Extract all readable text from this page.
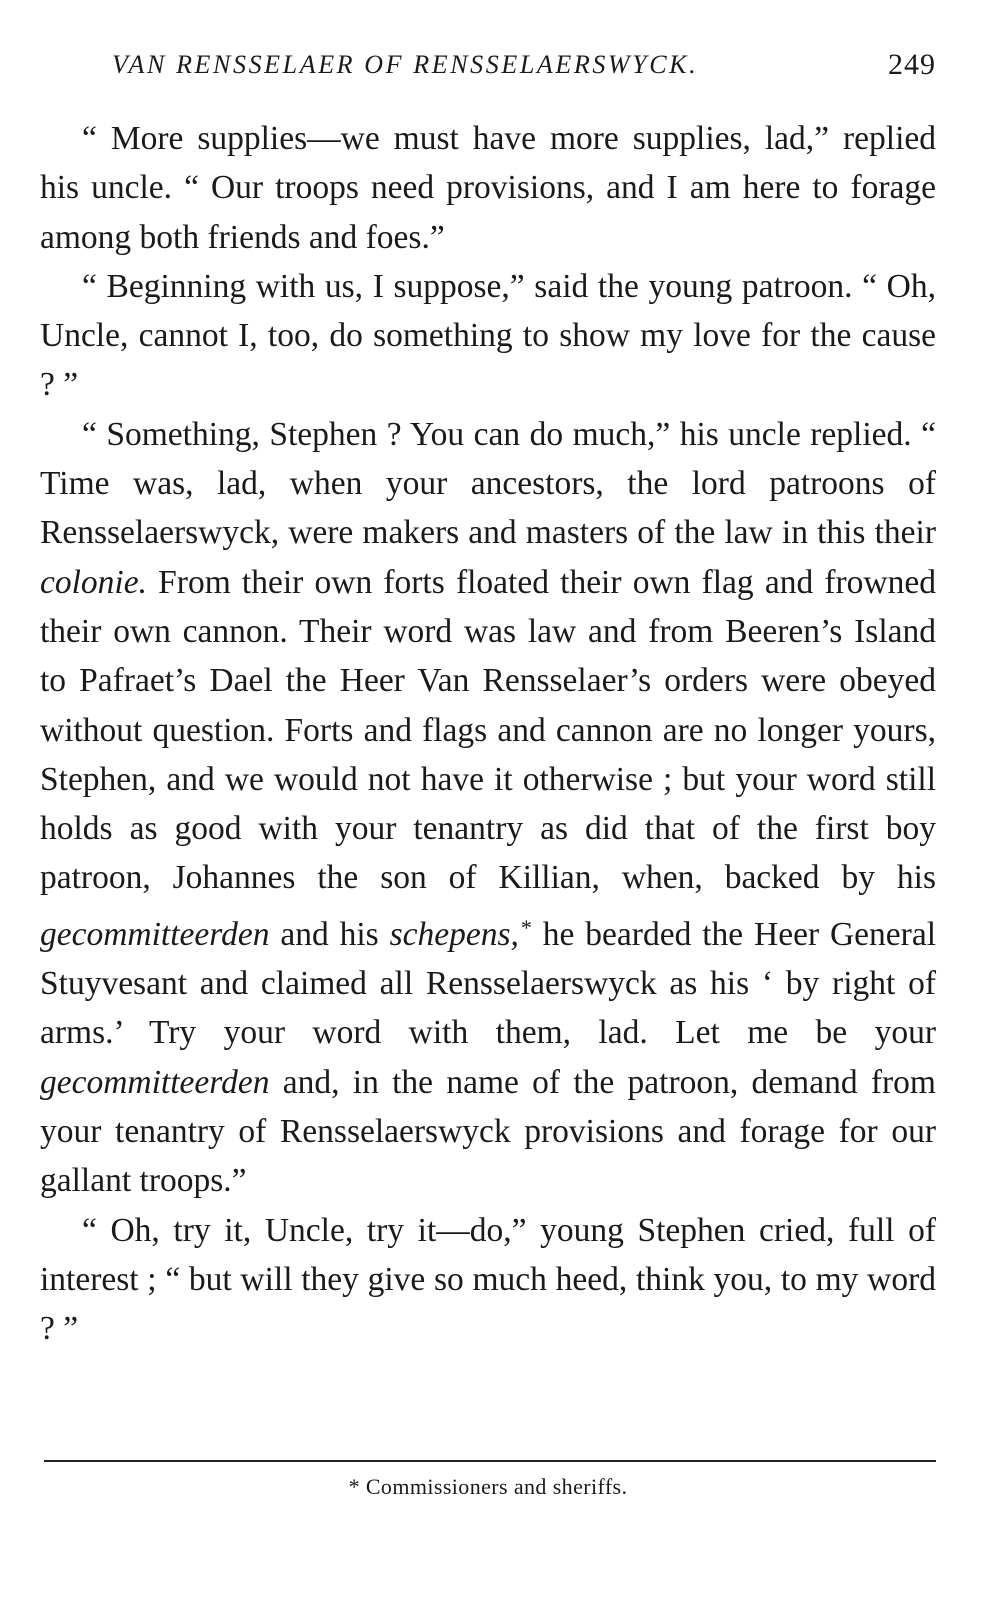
VAN RENSSELAER OF RENSSELAERSWYCK.	249

“ More supplies—we must have more supplies, lad,” replied his uncle. “ Our troops need provisions, and I am here to forage among both friends and foes.”

“ Beginning with us, I suppose,” said the young patroon. “ Oh, Uncle, cannot I, too, do something to show my love for the cause ? ”

“ Something, Stephen ? You can do much,” his uncle replied. “ Time was, lad, when your ancestors, the lord patroons of Rensselaerswyck, were makers and masters of the law in this their colonie. From their own forts floated their own flag and frowned their own cannon. Their word was law and from Beeren’s Island to Pafraet’s Dael the Heer Van Rensselaer’s orders were obeyed without question. Forts and flags and cannon are no longer yours, Stephen, and we would not have it otherwise ; but your word still holds as good with your tenantry as did that of the first boy patroon, Johannes the son of Killian, when, backed by his gecommitteerden and his schepens,* he bearded the Heer General Stuyvesant and claimed all Rensselaerswyck as his ‘ by right of arms.’ Try your word with them, lad. Let me be your gecommitteerden and, in the name of the patroon, demand from your tenantry of Rensselaerswyck provisions and forage for our gallant troops.”

“ Oh, try it, Uncle, try it—do,” young Stephen cried, full of interest ; “ but will they give so much heed, think you, to my word ? ”

* Commissioners and sheriffs.
